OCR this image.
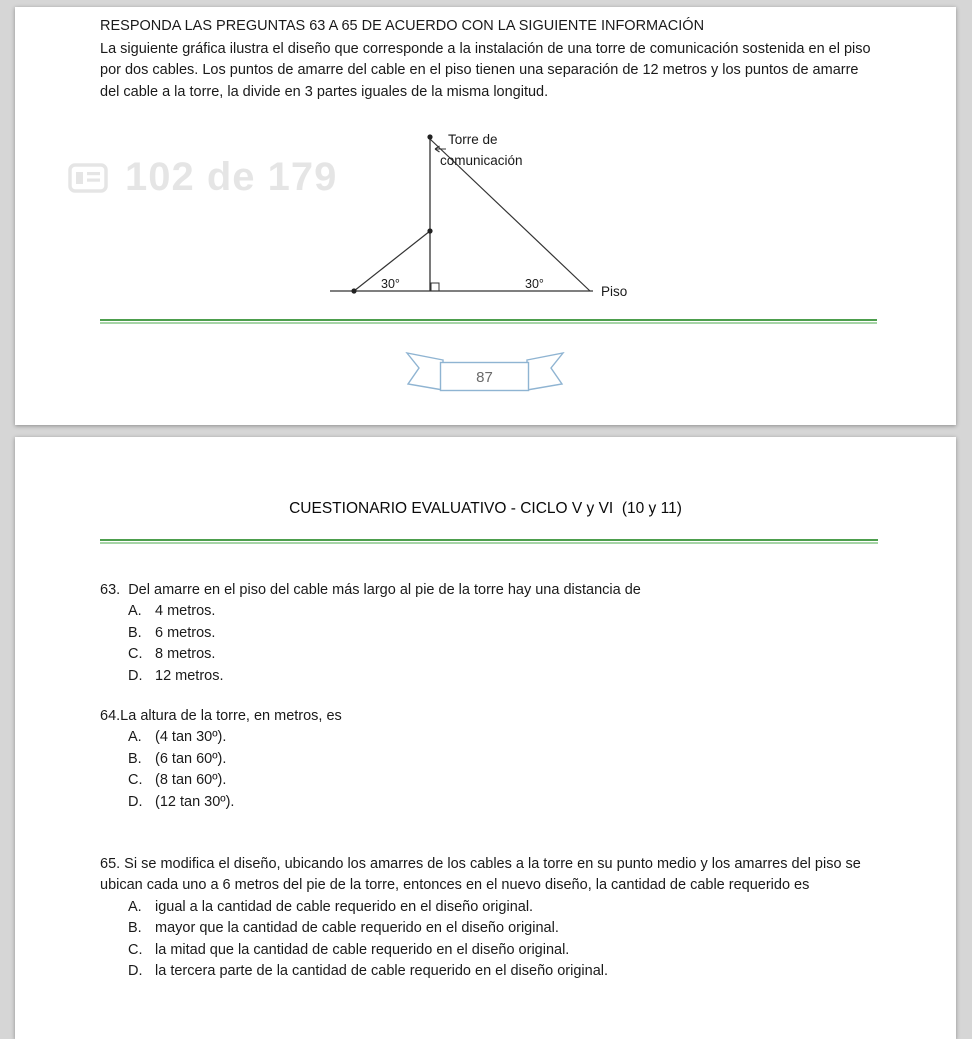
RESPONDA LAS PREGUNTAS 63 A 65 DE ACUERDO CON LA SIGUIENTE INFORMACIÓN
La siguiente gráfica ilustra el diseño que corresponde a la instalación de una torre de comunicación sostenida en el piso por dos cables. Los puntos de amarre del cable en el piso tienen una separación de 12 metros y los puntos de amarre del cable a la torre, la divide en 3 partes iguales de la misma longitud.
102 de 179
Torre de
comunicación
30°	30°	Piso
87
CUESTIONARIO EVALUATIVO - CICLO V y VI  (10 y 11)
63.  Del amarre en el piso del cable más largo al pie de la torre hay una distancia de
A. 4 metros.
B. 6 metros.
C. 8 metros.
D. 12 metros.
64.La altura de la torre, en metros, es
A. (4 tan 30º).
B. (6 tan 60º).
C. (8 tan 60º).
D. (12 tan 30º).
65. Si se modifica el diseño, ubicando los amarres de los cables a la torre en su punto medio y los amarres del piso se ubican cada uno a 6 metros del pie de la torre, entonces en el nuevo diseño, la cantidad de cable requerido es
A. igual a la cantidad de cable requerido en el diseño original.
B. mayor que la cantidad de cable requerido en el diseño original.
C. la mitad que la cantidad de cable requerido en el diseño original.
D. la tercera parte de la cantidad de cable requerido en el diseño original.
